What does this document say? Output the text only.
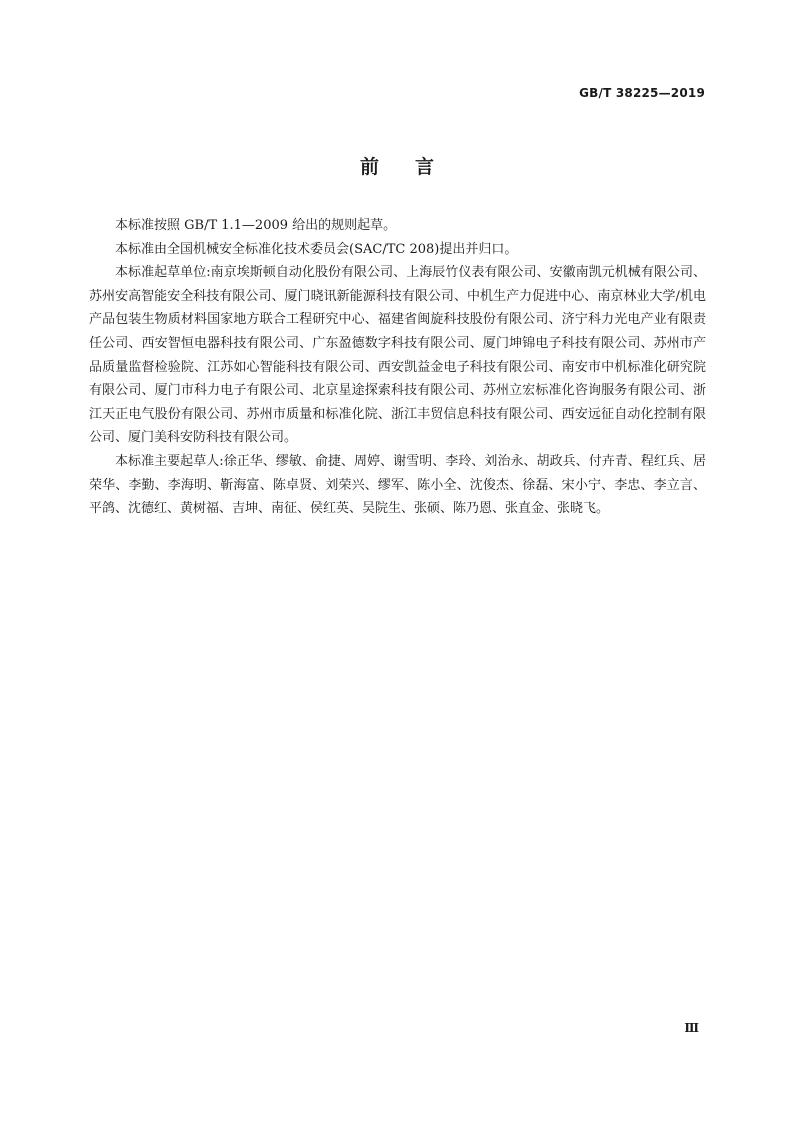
GB/T 38225—2019
前言

本标准按照 GB/T 1.1—2009 给出的规则起草。

本标准由全国机械安全标准化技术委员会(SAC/TC 208)提出并归口。

本标准起草单位:南京埃斯顿自动化股份有限公司、上海辰竹仪表有限公司、安徽南凯元机械有限公司、苏州安高智能安全科技有限公司、厦门晓讯新能源科技有限公司、中机生产力促进中心、南京林业大学/机电产品包装生物质材料国家地方联合工程研究中心、福建省闽旋科技股份有限公司、济宁科力光电产业有限责任公司、西安智恒电器科技有限公司、广东盈德数字科技有限公司、厦门坤锦电子科技有限公司、苏州市产品质量监督检验院、江苏如心智能科技有限公司、西安凯益金电子科技有限公司、南安市中机标准化研究院有限公司、厦门市科力电子有限公司、北京星途探索科技有限公司、苏州立宏标准化咨询服务有限公司、浙江天正电气股份有限公司、苏州市质量和标准化院、浙江丰贸信息科技有限公司、西安远征自动化控制有限公司、厦门美科安防科技有限公司。

本标准主要起草人:徐正华、缪敏、俞捷、周婷、谢雪明、李玲、刘治永、胡政兵、付卉青、程红兵、居荣华、李勤、李海明、靳海富、陈卓贤、刘荣兴、缪军、陈小全、沈俊杰、徐磊、宋小宁、李忠、李立言、平鸽、沈德红、黄树福、吉坤、南征、侯红英、吴院生、张硕、陈乃恩、张直金、张晓飞。

Ⅲ
